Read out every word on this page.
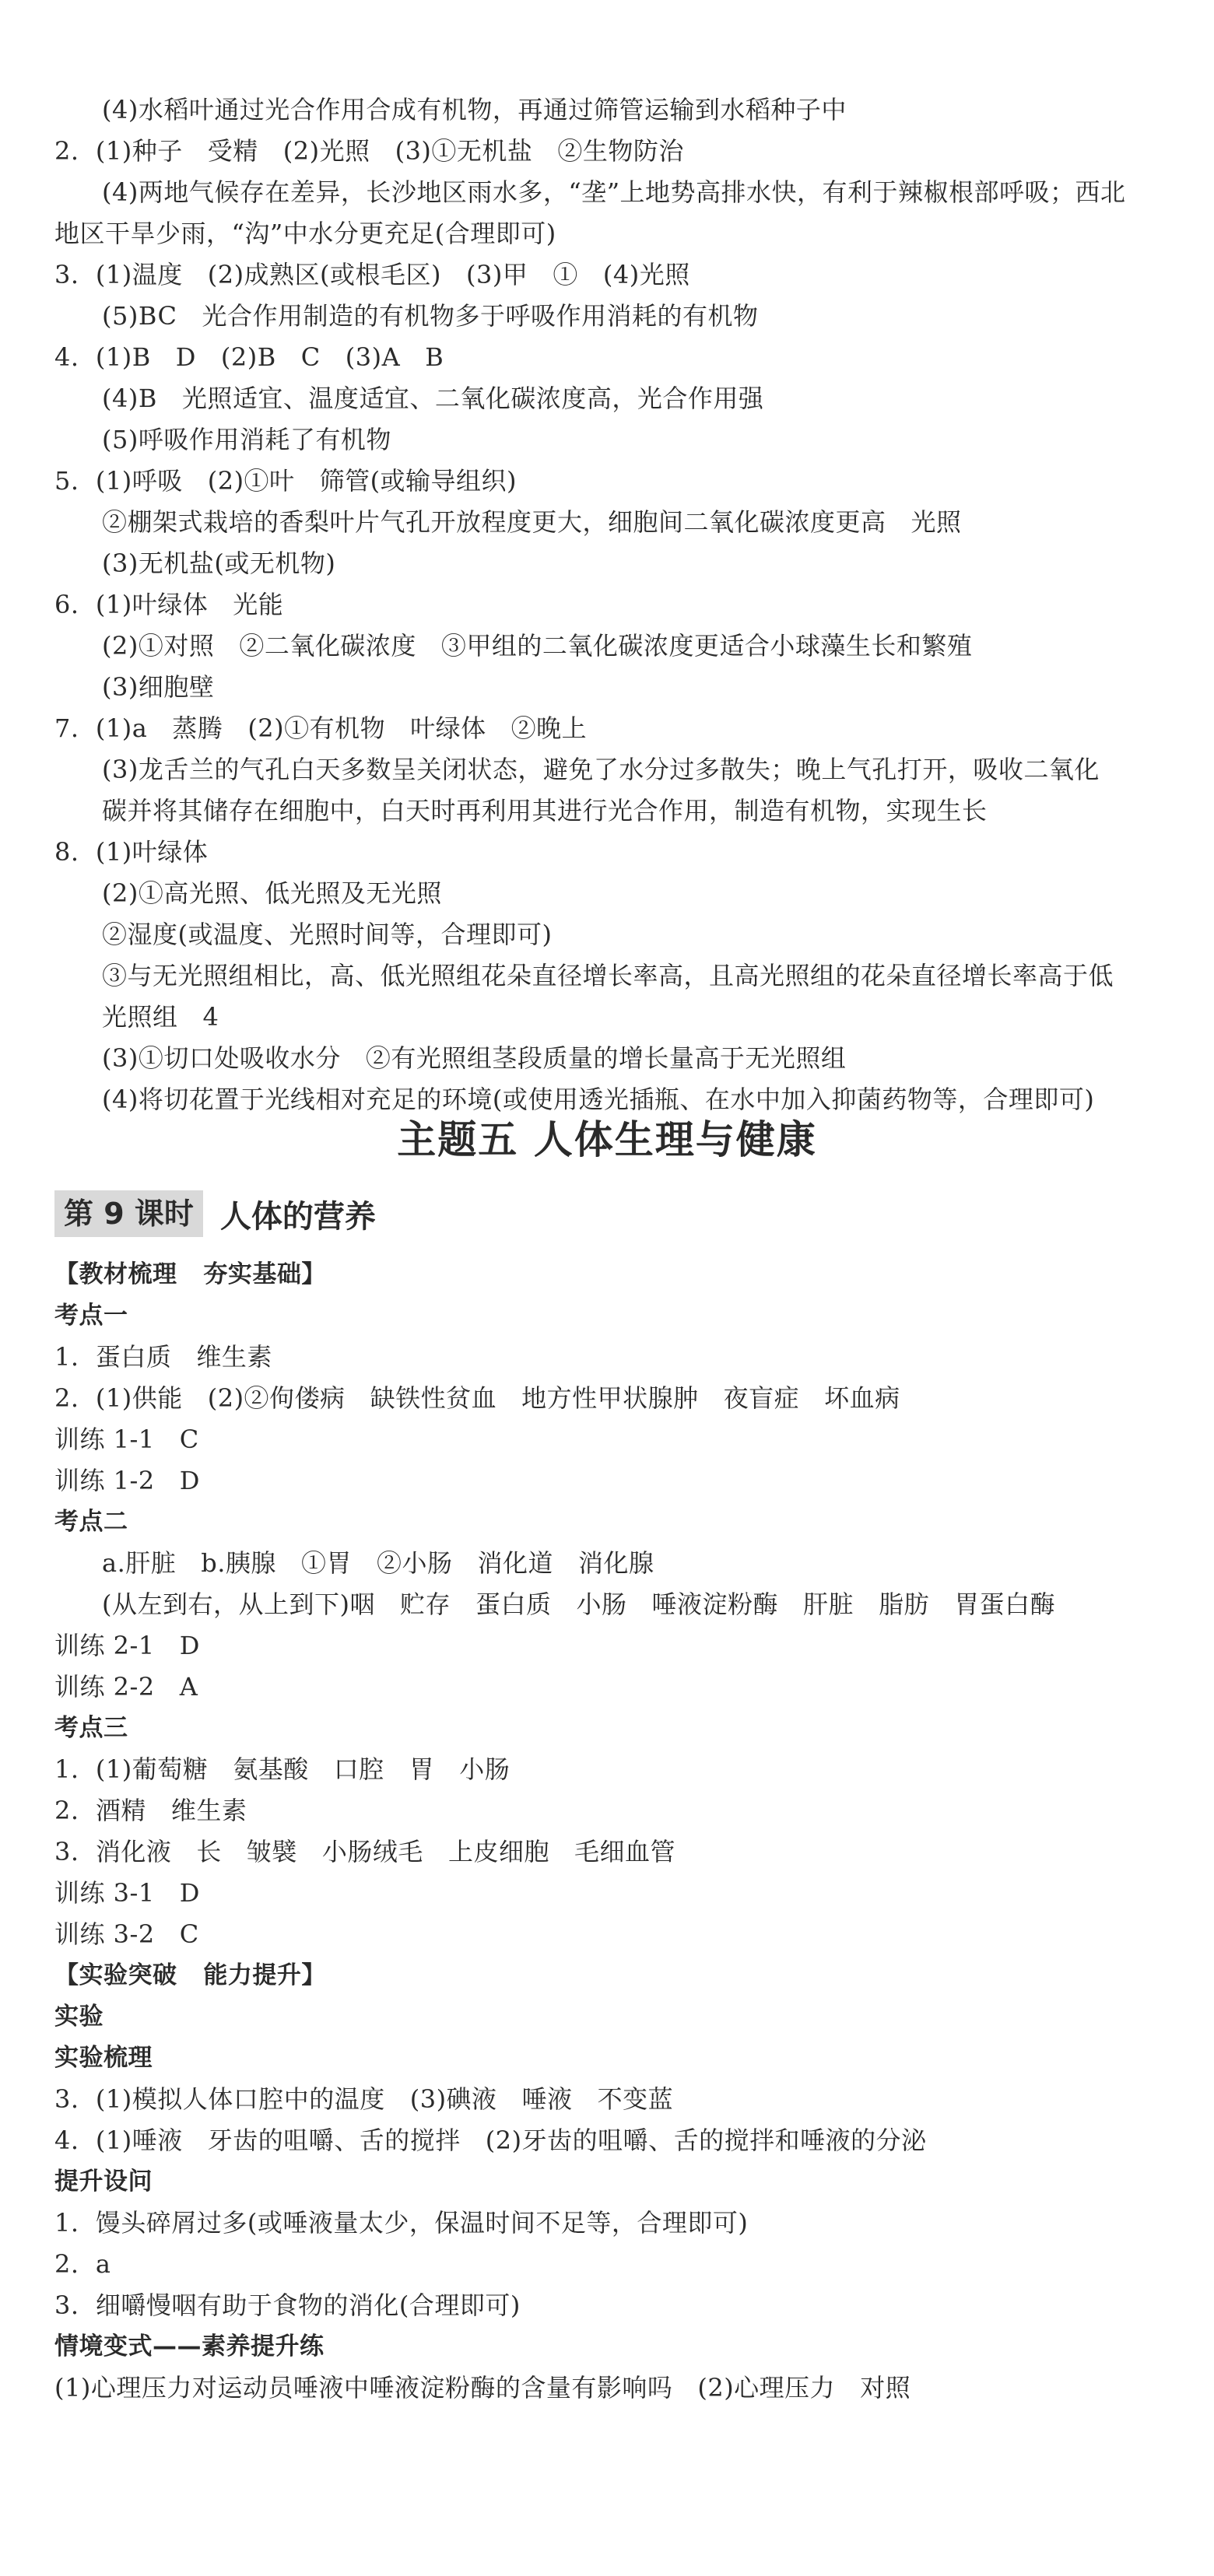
(4)水稻叶通过光合作用合成有机物，再通过筛管运输到水稻种子中
2.  (1)种子   受精   (2)光照   (3)①无机盐   ②生物防治
(4)两地气候存在差异，长沙地区雨水多，“垄”上地势高排水快，有利于辣椒根部呼吸；西北
地区干旱少雨，“沟”中水分更充足(合理即可)
3.  (1)温度   (2)成熟区(或根毛区)   (3)甲   ①   (4)光照
(5)BC   光合作用制造的有机物多于呼吸作用消耗的有机物
4.  (1)B   D   (2)B   C   (3)A   B
(4)B   光照适宜、温度适宜、二氧化碳浓度高，光合作用强
(5)呼吸作用消耗了有机物
5.  (1)呼吸   (2)①叶   筛管(或输导组织)
②棚架式栽培的香梨叶片气孔开放程度更大，细胞间二氧化碳浓度更高   光照
(3)无机盐(或无机物)
6.  (1)叶绿体   光能
(2)①对照   ②二氧化碳浓度   ③甲组的二氧化碳浓度更适合小球藻生长和繁殖
(3)细胞壁
7.  (1)a   蒸腾   (2)①有机物   叶绿体   ②晚上
(3)龙舌兰的气孔白天多数呈关闭状态，避免了水分过多散失；晚上气孔打开，吸收二氧化
碳并将其储存在细胞中，白天时再利用其进行光合作用，制造有机物，实现生长
8.  (1)叶绿体
(2)①高光照、低光照及无光照
②湿度(或温度、光照时间等，合理即可)
③与无光照组相比，高、低光照组花朵直径增长率高，且高光照组的花朵直径增长率高于低
光照组   4
(3)①切口处吸收水分   ②有光照组茎段质量的增长量高于无光照组
(4)将切花置于光线相对充足的环境(或使用透光插瓶、在水中加入抑菌药物等，合理即可)
主题五 人体生理与健康
第 9 课时 人体的营养
【教材梳理   夯实基础】
考点一
1.  蛋白质   维生素
2.  (1)供能   (2)②佝偻病   缺铁性贫血   地方性甲状腺肿   夜盲症   坏血病
训练 1-1   C
训练 1-2   D
考点二
a.肝脏   b.胰腺   ①胃   ②小肠   消化道   消化腺
(从左到右，从上到下)咽   贮存   蛋白质   小肠   唾液淀粉酶   肝脏   脂肪   胃蛋白酶
训练 2-1   D
训练 2-2   A
考点三
1.  (1)葡萄糖   氨基酸   口腔   胃   小肠
2.  酒精   维生素
3.  消化液   长   皱襞   小肠绒毛   上皮细胞   毛细血管
训练 3-1   D
训练 3-2   C
【实验突破   能力提升】
实验
实验梳理
3.  (1)模拟人体口腔中的温度   (3)碘液   唾液   不变蓝
4.  (1)唾液   牙齿的咀嚼、舌的搅拌   (2)牙齿的咀嚼、舌的搅拌和唾液的分泌
提升设问
1.  馒头碎屑过多(或唾液量太少，保温时间不足等，合理即可)
2.  a
3.  细嚼慢咽有助于食物的消化(合理即可)
情境变式——素养提升练
(1)心理压力对运动员唾液中唾液淀粉酶的含量有影响吗   (2)心理压力   对照
